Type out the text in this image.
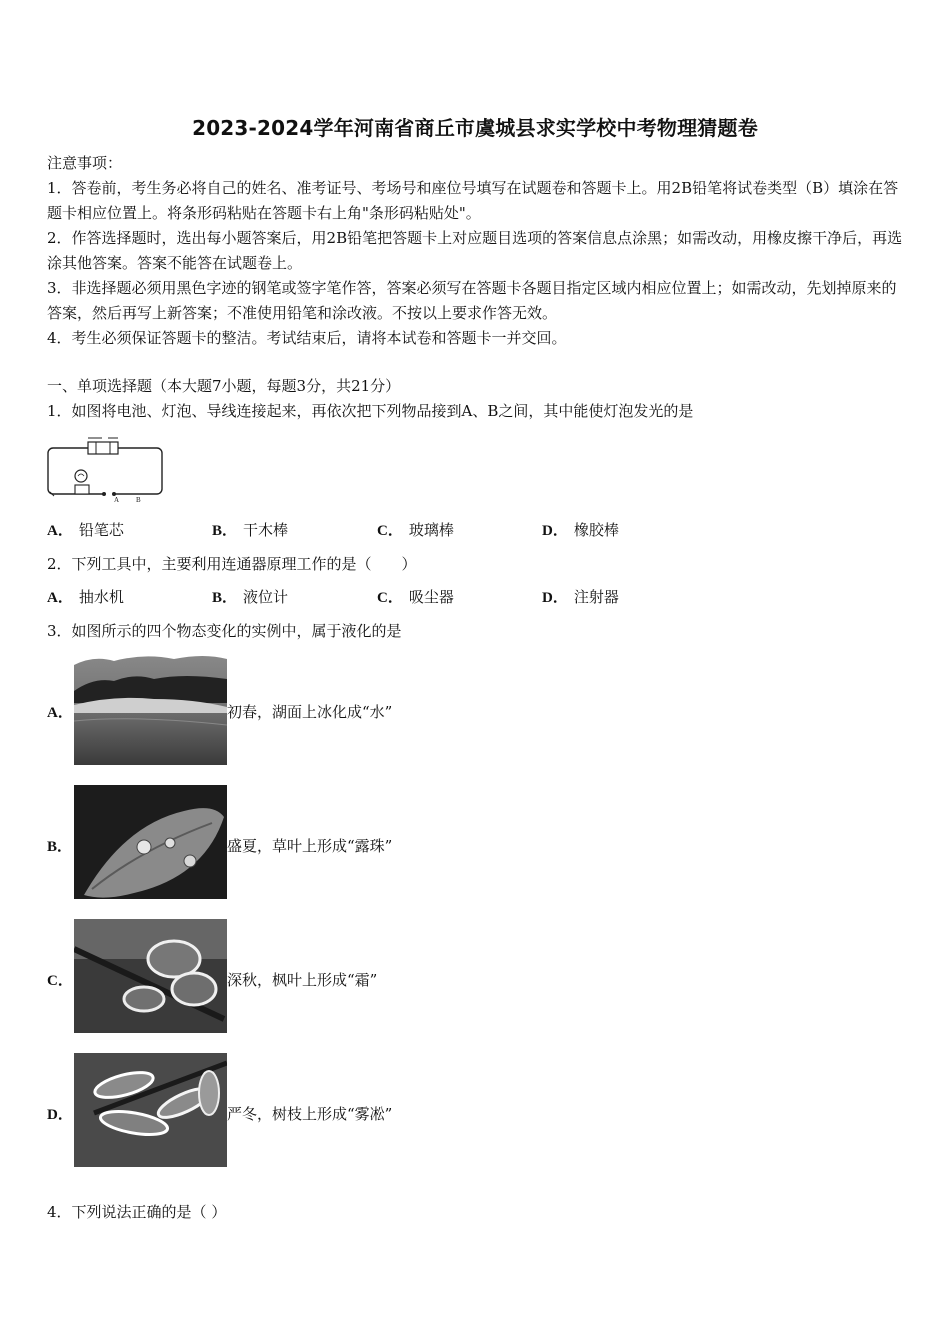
2023-2024学年河南省商丘市虞城县求实学校中考物理猜题卷
注意事项：

1．答卷前，考生务必将自己的姓名、准考证号、考场号和座位号填写在试题卷和答题卡上。用2B铅笔将试卷类型（B）填涂在答题卡相应位置上。将条形码粘贴在答题卡右上角"条形码粘贴处"。

2．作答选择题时，选出每小题答案后，用2B铅笔把答题卡上对应题目选项的答案信息点涂黑；如需改动，用橡皮擦干净后，再选涂其他答案。答案不能答在试题卷上。

3．非选择题必须用黑色字迹的钢笔或签字笔作答，答案必须写在答题卡各题目指定区域内相应位置上；如需改动，先划掉原来的答案，然后再写上新答案；不准使用铅笔和涂改液。不按以上要求作答无效。

4．考生必须保证答题卡的整洁。考试结束后，请将本试卷和答题卡一并交回。

一、单项选择题（本大题7小题，每题3分，共21分）
1．如图将电池、灯泡、导线连接起来，再依次把下列物品接到A、B之间，其中能使灯泡发光的是
A B
A． 铅笔芯	B． 干木棒	C． 玻璃棒	D． 橡胶棒
2．下列工具中，主要利用连通器原理工作的是（　　）
A． 抽水机	B． 液位计	C． 吸尘器	D． 注射器
3．如图所示的四个物态变化的实例中，属于液化的是
A．	初春，湖面上冰化成“水”
B．	盛夏，草叶上形成“露珠”
C．	深秋，枫叶上形成“霜”
D．	严冬，树枝上形成“雾凇”
4．下列说法正确的是（ ）
